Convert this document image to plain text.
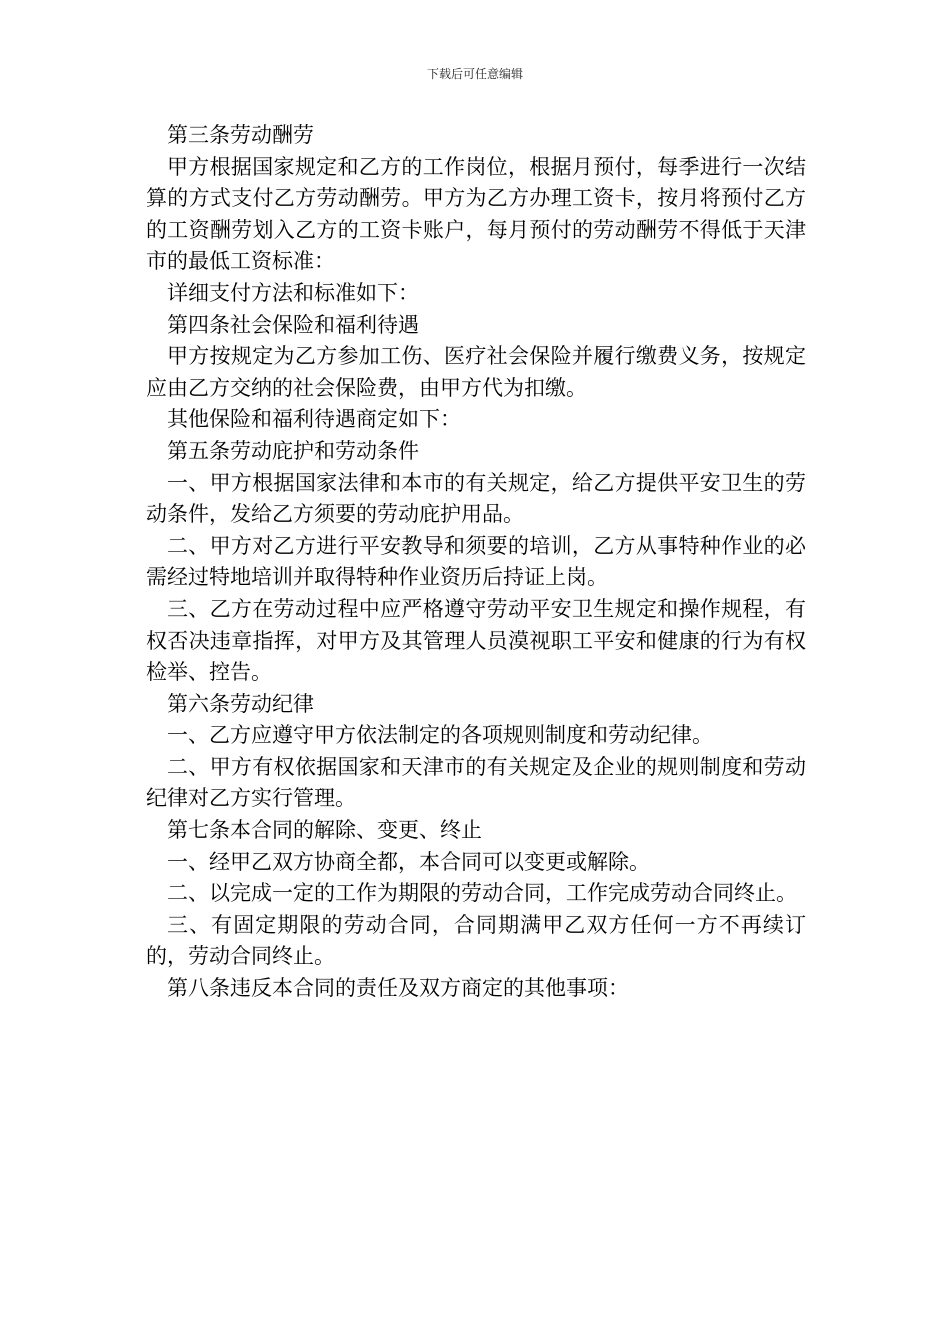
下载后可任意编辑

第三条劳动酬劳

甲方根据国家规定和乙方的工作岗位，根据月预付，每季进行一次结算的方式支付乙方劳动酬劳。甲方为乙方办理工资卡，按月将预付乙方的工资酬劳划入乙方的工资卡账户，每月预付的劳动酬劳不得低于天津市的最低工资标准：

详细支付方法和标准如下：

第四条社会保险和福利待遇

甲方按规定为乙方参加工伤、医疗社会保险并履行缴费义务，按规定应由乙方交纳的社会保险费，由甲方代为扣缴。

其他保险和福利待遇商定如下：

第五条劳动庇护和劳动条件

一、甲方根据国家法律和本市的有关规定，给乙方提供平安卫生的劳动条件，发给乙方须要的劳动庇护用品。

二、甲方对乙方进行平安教导和须要的培训，乙方从事特种作业的必需经过特地培训并取得特种作业资历后持证上岗。

三、乙方在劳动过程中应严格遵守劳动平安卫生规定和操作规程，有权否决违章指挥，对甲方及其管理人员漠视职工平安和健康的行为有权检举、控告。

第六条劳动纪律

一、乙方应遵守甲方依法制定的各项规则制度和劳动纪律。

二、甲方有权依据国家和天津市的有关规定及企业的规则制度和劳动纪律对乙方实行管理。

第七条本合同的解除、变更、终止

一、经甲乙双方协商全都，本合同可以变更或解除。

二、以完成一定的工作为期限的劳动合同，工作完成劳动合同终止。

三、有固定期限的劳动合同，合同期满甲乙双方任何一方不再续订的，劳动合同终止。

第八条违反本合同的责任及双方商定的其他事项：
